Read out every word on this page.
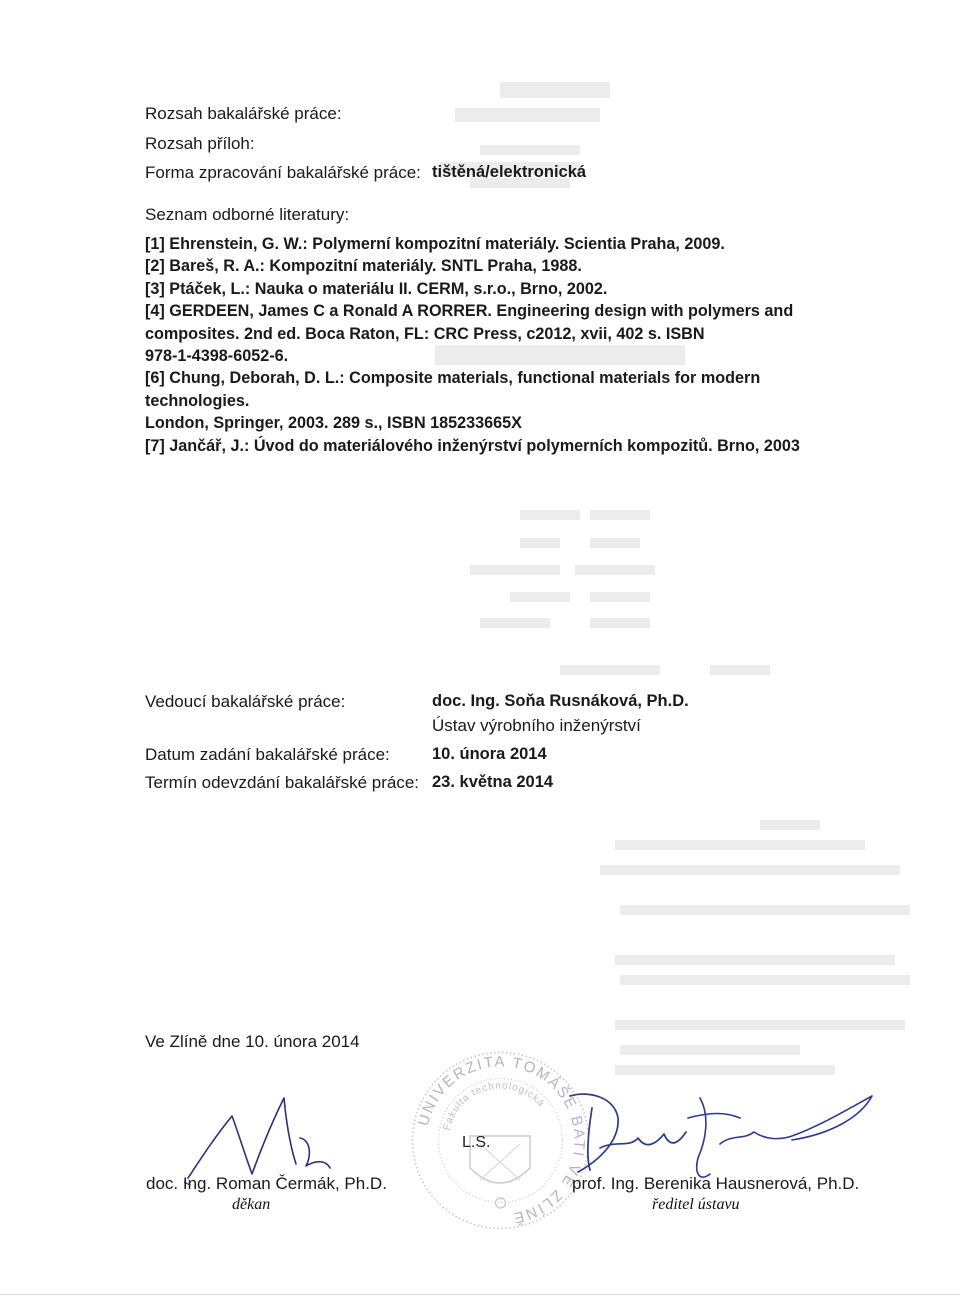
Rozsah bakalářské práce:
Rozsah příloh:
Forma zpracování bakalářské práce: tištěná/elektronická
Seznam odborné literatury:
[1] Ehrenstein, G. W.: Polymerní kompozitní materiály. Scientia Praha, 2009.
[2] Bareš, R. A.: Kompozitní materiály. SNTL Praha, 1988.
[3] Ptáček, L.: Nauka o materiálu II. CERM, s.r.o., Brno, 2002.
[4] GERDEEN, James C a Ronald A RORRER. Engineering design with polymers and
composites. 2nd ed. Boca Raton, FL: CRC Press, c2012, xvii, 402 s. ISBN
978-1-4398-6052-6.
[6] Chung, Deborah, D. L.: Composite materials, functional materials for modern
technologies.
London, Springer, 2003. 289 s., ISBN 185233665X
[7] Jančář, J.: Úvod do materiálového inženýrství polymerních kompozitů. Brno, 2003
Vedoucí bakalářské práce:	doc. Ing. Soňa Rusnáková, Ph.D.
Ústav výrobního inženýrství
Datum zadání bakalářské práce:	10. února 2014
Termín odevzdání bakalářské práce: 23. května 2014
Ve Zlíně dne 10. února 2014
UNIVERZITA TOMÁŠE BATI VE ZLÍNĚ
Fakulta technologická
L.S.
doc. Ing. Roman Čermák, Ph.D.
děkan
prof. Ing. Berenika Hausnerová, Ph.D.
ředitel ústavu
